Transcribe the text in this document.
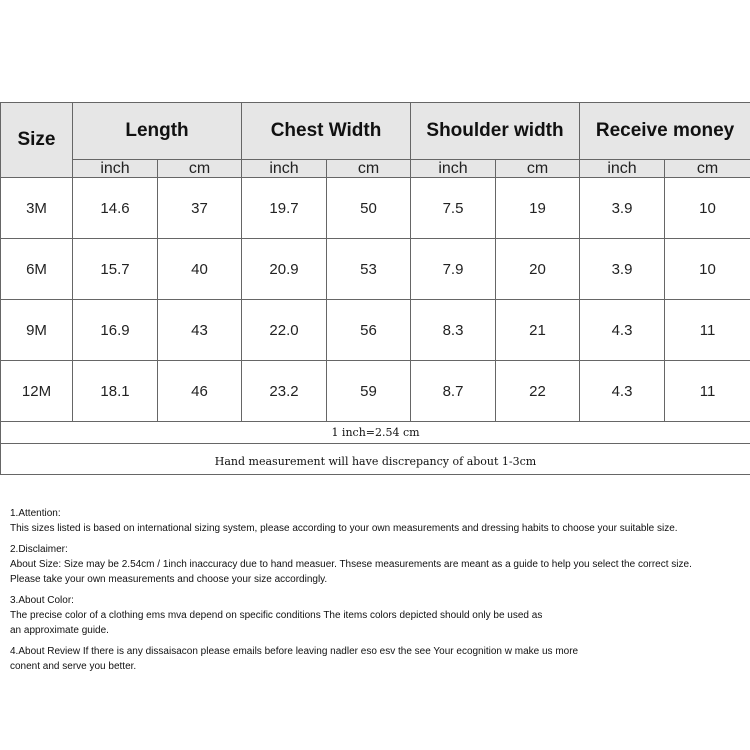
Size	Length		Chest Width		Shoulder width		Receive money	
	inch	cm	inch	cm	inch	cm	inch	cm
3M	14.6	37	19.7	50	7.5	19	3.9	10
6M	15.7	40	20.9	53	7.9	20	3.9	10
9M	16.9	43	22.0	56	8.3	21	4.3	11
12M	18.1	46	23.2	59	8.7	22	4.3	11
1 inch=2.54 cm								

Hand measurement will have discrepancy of about 1-3cm								
1.Attention:
This sizes listed is based on international sizing system, please according to your own measurements and dressing habits to choose your suitable size.
2.Disclaimer:
About Size: Size may be 2.54cm / 1inch inaccuracy due to hand measuer. Thsese measurements are meant as a guide to help you select the correct size.
Please take your own measurements and choose your size accordingly.
3.About Color:
The precise color of a clothing ems mva depend on specific conditions The items colors depicted should only be used as
an approximate guide.
4.About Review If there is any dissaisacon please emails before leaving nadler eso esv the see Your ecognition w make us more
conent and serve you better.
